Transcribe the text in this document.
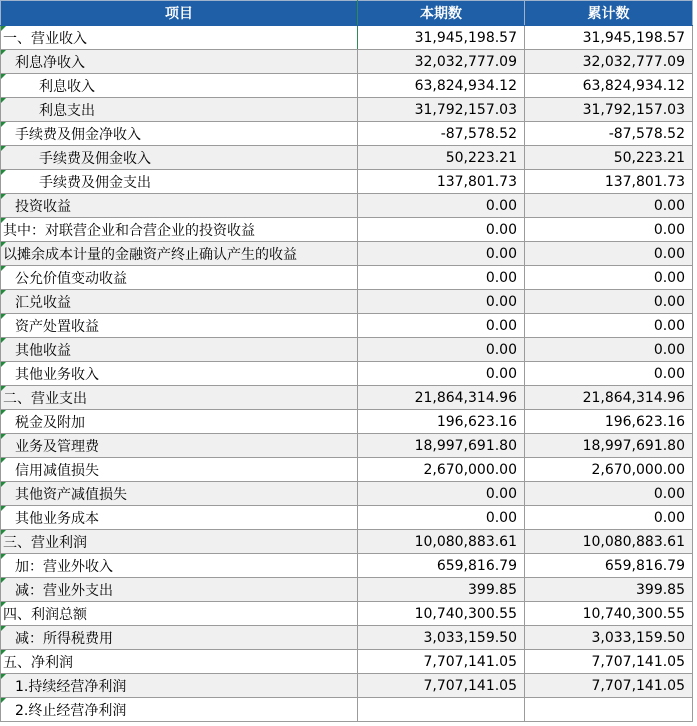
项目	本期数	累计数

一、营业收入	31,945,198.57	31,945,198.57

利息净收入	32,032,777.09	32,032,777.09

利息收入	63,824,934.12	63,824,934.12

利息支出	31,792,157.03	31,792,157.03

手续费及佣金净收入	-87,578.52	-87,578.52

手续费及佣金收入	50,223.21	50,223.21

手续费及佣金支出	137,801.73	137,801.73

投资收益	0.00	0.00

其中：对联营企业和合营企业的投资收益	0.00	0.00

以摊余成本计量的金融资产终止确认产生的收益	0.00	0.00

公允价值变动收益	0.00	0.00

汇兑收益	0.00	0.00

资产处置收益	0.00	0.00

其他收益	0.00	0.00

其他业务收入	0.00	0.00

二、营业支出	21,864,314.96	21,864,314.96

税金及附加	196,623.16	196,623.16

业务及管理费	18,997,691.80	18,997,691.80

信用减值损失	2,670,000.00	2,670,000.00

其他资产减值损失	0.00	0.00

其他业务成本	0.00	0.00

三、营业利润	10,080,883.61	10,080,883.61

加：营业外收入	659,816.79	659,816.79

减：营业外支出	399.85	399.85

四、利润总额	10,740,300.55	10,740,300.55

减：所得税费用	3,033,159.50	3,033,159.50

五、净利润	7,707,141.05	7,707,141.05

1.持续经营净利润	7,707,141.05	7,707,141.05

2.终止经营净利润		
